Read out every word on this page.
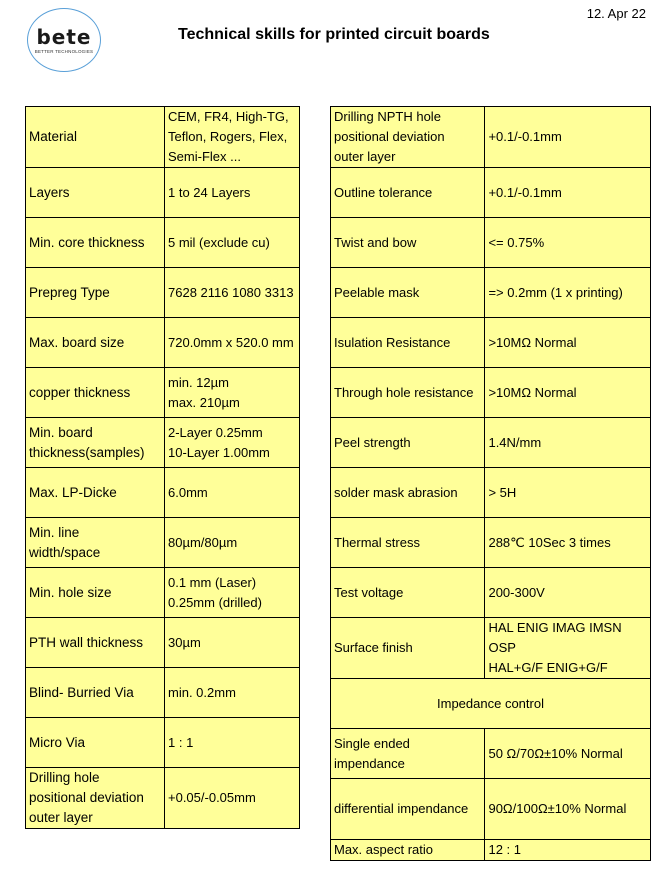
bete
BETTER TECHNOLOGIES
12. Apr 22
Technical skills for printed circuit boards
Material	CEM, FR4, High-TG,
Teflon, Rogers, Flex,
Semi-Flex ...
Layers	1 to 24 Layers
Min. core thickness	5 mil (exclude cu)
Prepreg Type	7628 2116 1080 3313
Max. board size	720.0mm x 520.0 mm
copper thickness	min. 12µm
max. 210µm
Min. board
thickness(samples)	2-Layer 0.25mm
10-Layer 1.00mm
Max. LP-Dicke	6.0mm
Min. line
width/space	80µm/80µm
Min. hole size	0.1 mm (Laser)
0.25mm (drilled)
PTH wall thickness	30µm
Blind- Burried Via	min. 0.2mm
Micro Via	1 : 1
Drilling hole
positional deviation
outer layer	+0.05/-0.05mm
Drilling NPTH hole
positional deviation
outer layer	+0.1/-0.1mm
Outline tolerance	+0.1/-0.1mm
Twist and bow	<= 0.75%
Peelable mask	=> 0.2mm (1 x printing)
Isulation Resistance	>10MΩ Normal
Through hole resistance	>10MΩ Normal
Peel strength	1.4N/mm
solder mask abrasion	> 5H
Thermal stress	288℃ 10Sec 3 times
Test voltage	200-300V
Surface finish	HAL ENIG IMAG IMSN OSP
HAL+G/F ENIG+G/F
Impedance control	
Single ended impendance	50 Ω/70Ω±10% Normal
differential impendance	90Ω/100Ω±10% Normal
Max. aspect ratio	12 : 1
